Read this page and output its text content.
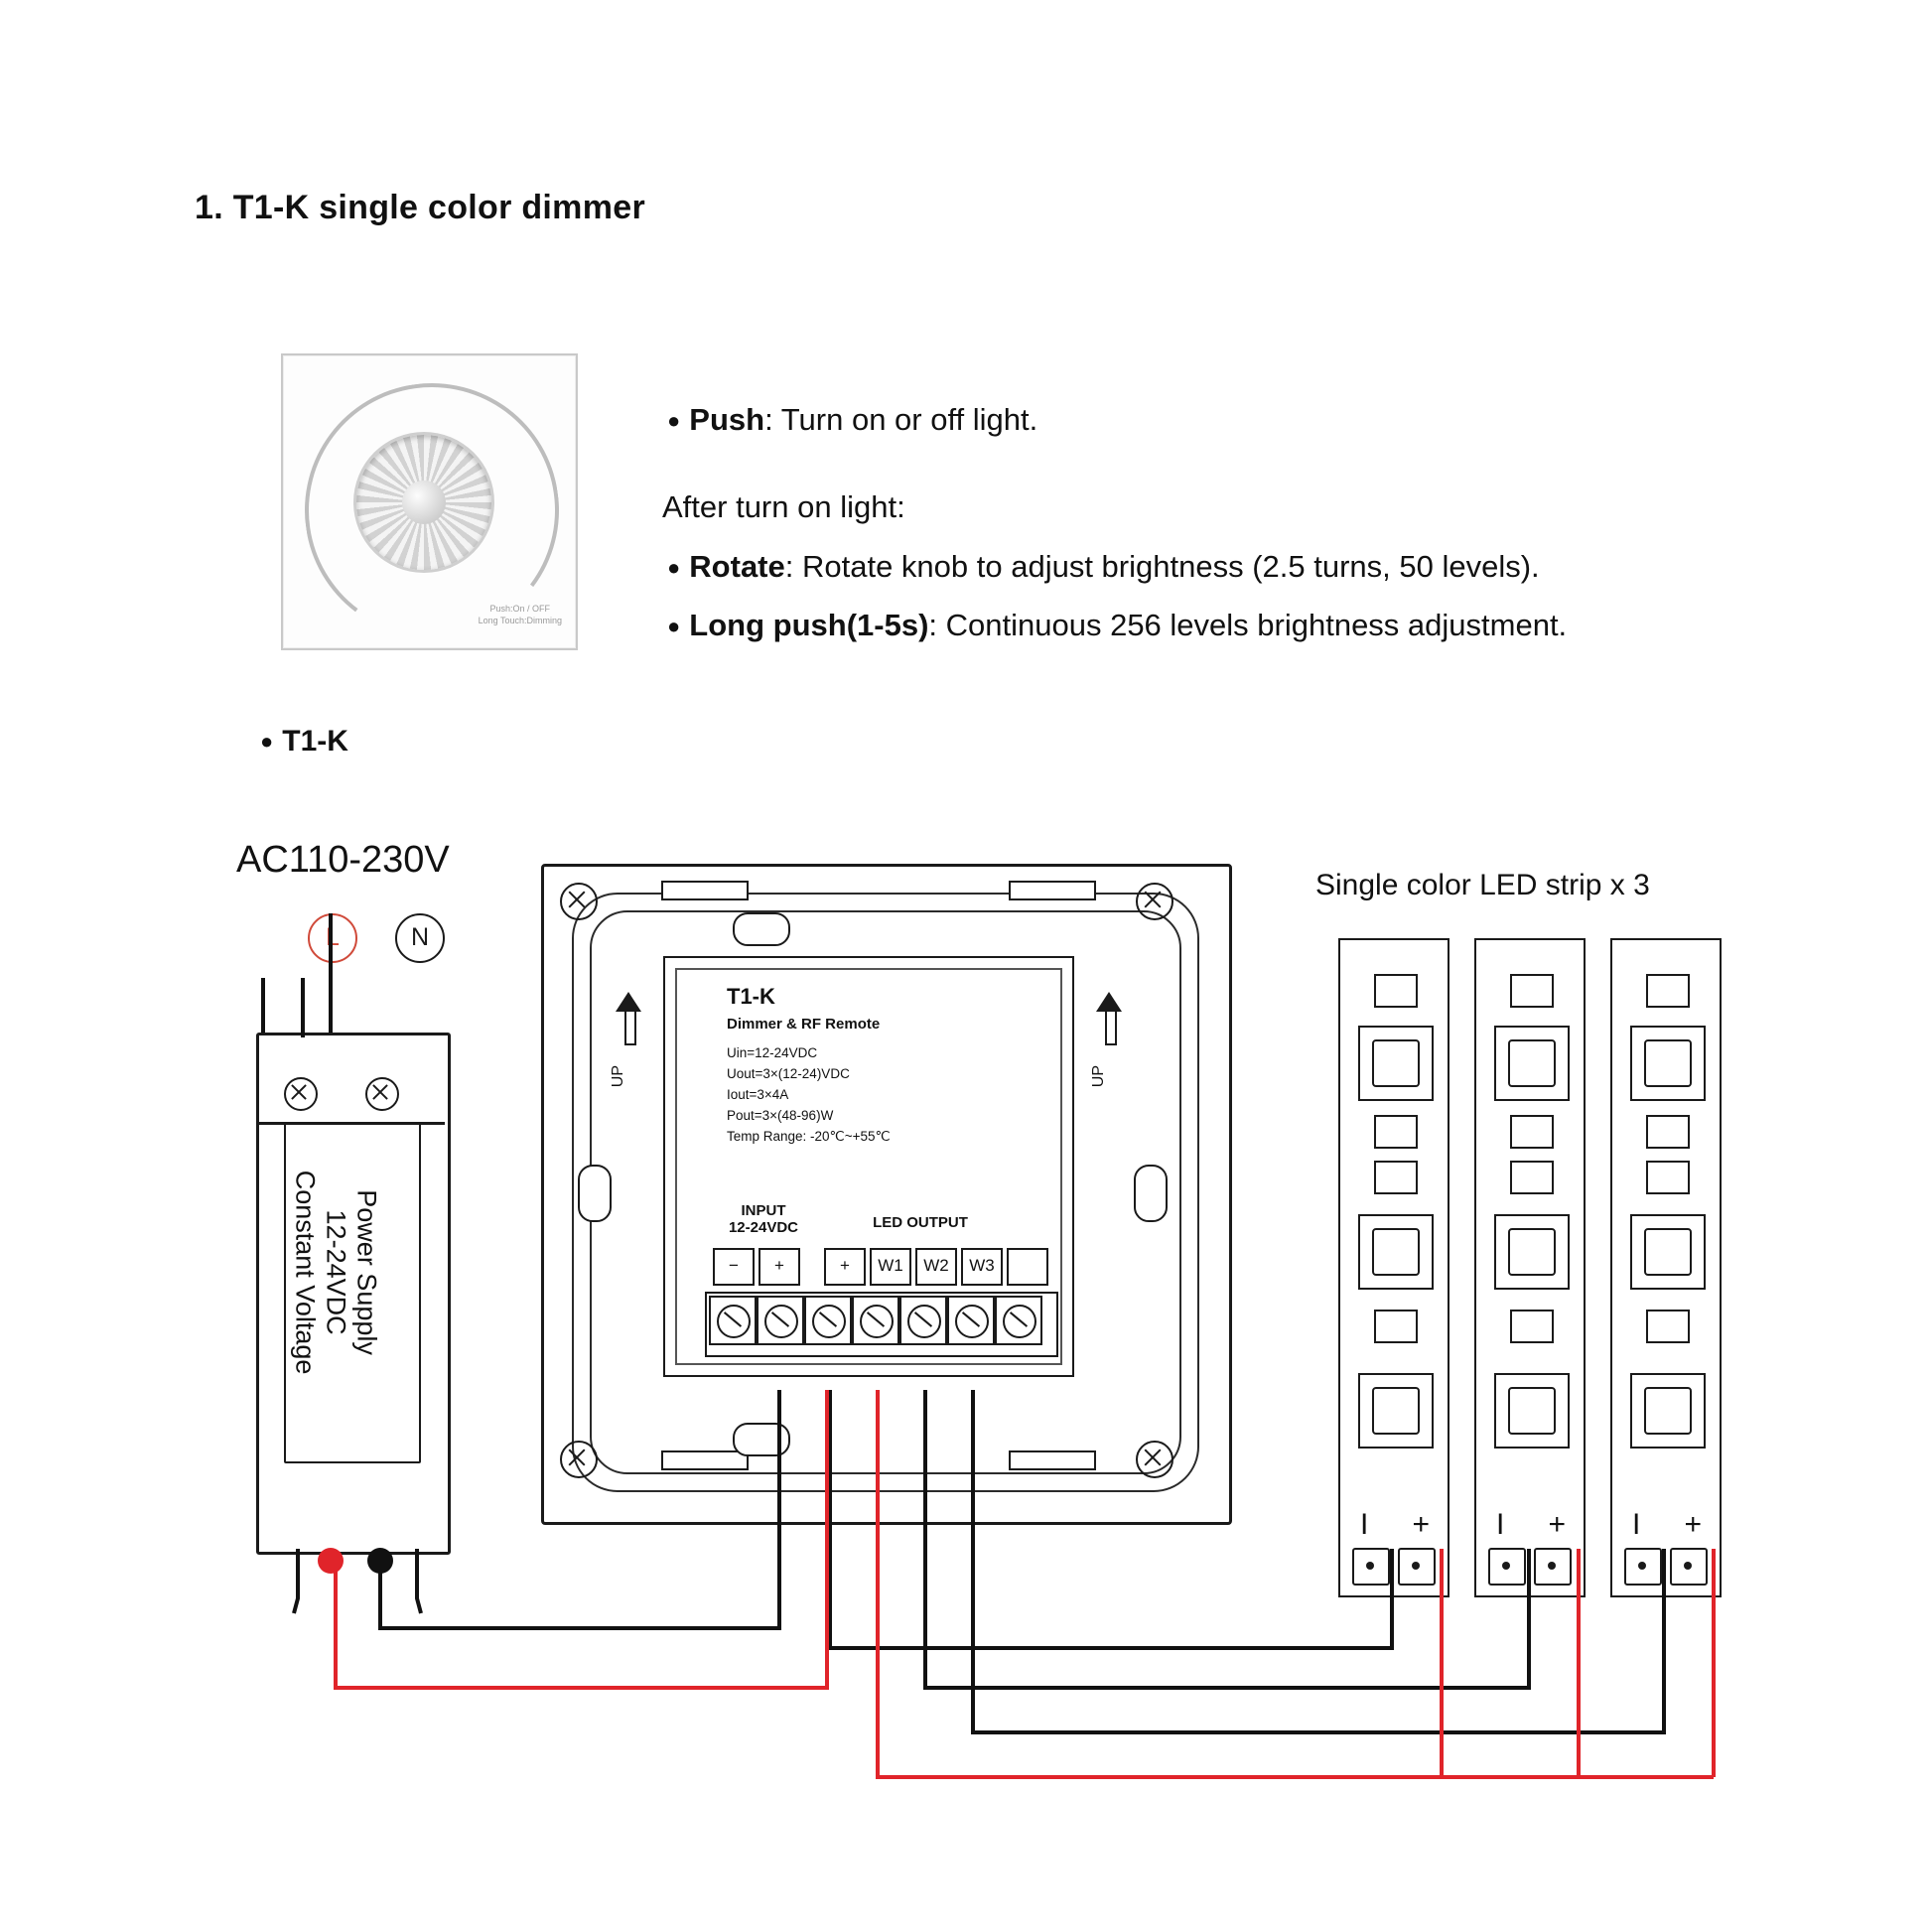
1. T1-K single color dimmer
Push:On / OFF
Long Touch:Dimming
● Push: Turn on or off light.
After turn on light:
● Rotate: Rotate knob to adjust brightness (2.5 turns, 50 levels).
● Long push(1-5s): Continuous 256 levels brightness adjustment.
● T1-K
AC110-230V
Single color LED strip x 3
L	N
Power Supply
12-24VDC
Constant Voltage
UP	UP
T1-K
Dimmer & RF Remote
Uin=12-24VDC
Uout=3×(12-24)VDC
Iout=3×4A
Pout=3×(48-96)W
Temp Range: -20℃~+55℃
INPUT
12-24VDC	LED OUTPUT
−	+	+	W1	W2	W3
I + I + I +
